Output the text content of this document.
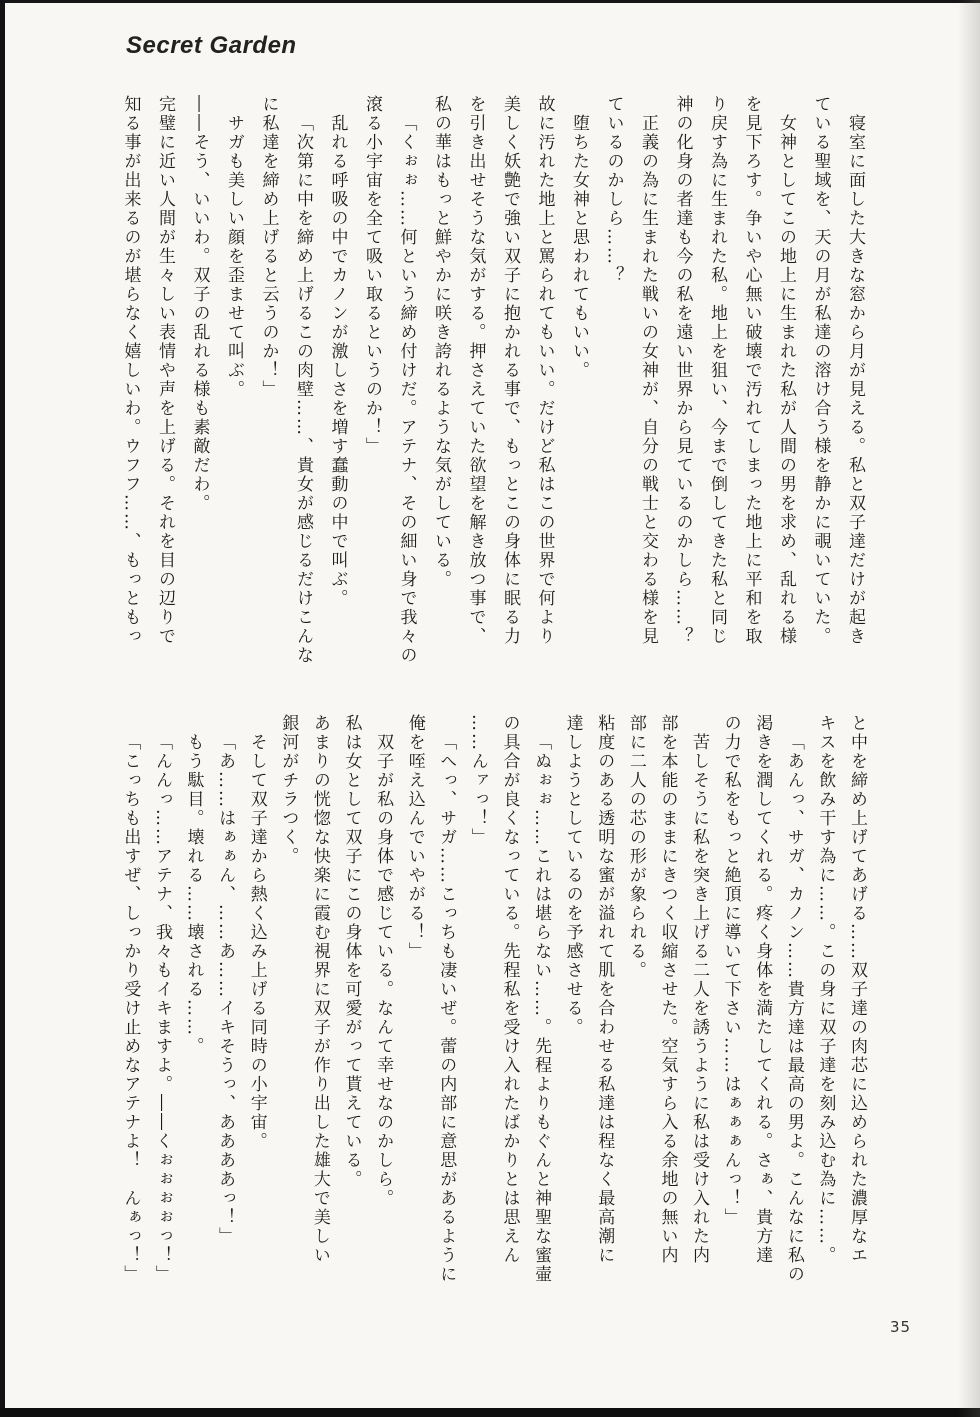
Secret Garden
寝室に面した大きな窓から月が見える。私と双子達だけが起き
ている聖域を、天の月が私達の溶け合う様を静かに覗いていた。
女神としてこの地上に生まれた私が人間の男を求め、乱れる様
を見下ろす。争いや心無い破壊で汚れてしまった地上に平和を取
り戻す為に生まれた私。地上を狙い、今まで倒してきた私と同じ
神の化身の者達も今の私を遠い世界から見ているのかしら……？
正義の為に生まれた戦いの女神が、自分の戦士と交わる様を見
ているのかしら……？
堕ちた女神と思われてもいい。
故に汚れた地上と罵られてもいい。だけど私はこの世界で何より
美しく妖艶で強い双子に抱かれる事で、もっとこの身体に眠る力
を引き出せそうな気がする。押さえていた欲望を解き放つ事で、
私の華はもっと鮮やかに咲き誇れるような気がしている。
「くぉぉ……何という締め付けだ。アテナ、その細い身で我々の
滾る小宇宙を全て吸い取るというのか！」
乱れる呼吸の中でカノンが激しさを増す蠢動の中で叫ぶ。
「次第に中を締め上げるこの肉壁……、貴女が感じるだけこんな
に私達を締め上げると云うのか！」
サガも美しい顔を歪ませて叫ぶ。
――そう、いいわ。双子の乱れる様も素敵だわ。
完璧に近い人間が生々しい表情や声を上げる。それを目の辺りで
知る事が出来るのが堪らなく嬉しいわ。ウフフ……、もっともっ
と中を締め上げてあげる……双子達の肉芯に込められた濃厚なエ
キスを飲み干す為に……。この身に双子達を刻み込む為に……。
「あんっ、サガ、カノン……貴方達は最高の男よ。こんなに私の
渇きを潤してくれる。疼く身体を満たしてくれる。さぁ、貴方達
の力で私をもっと絶頂に導いて下さい……はぁぁぁんっ！」
苦しそうに私を突き上げる二人を誘うように私は受け入れた内
部を本能のままにきつく収縮させた。空気すら入る余地の無い内
部に二人の芯の形が象られる。
粘度のある透明な蜜が溢れて肌を合わせる私達は程なく最高潮に
達しようとしているのを予感させる。
「ぬぉぉ……これは堪らない……。先程よりもぐんと神聖な蜜壷
の具合が良くなっている。先程私を受け入れたばかりとは思えん
……んァっ！」
「へっ、サガ……こっちも凄いぜ。蕾の内部に意思があるように
俺を咥え込んでいやがる！」
双子が私の身体で感じている。なんて幸せなのかしら。
私は女として双子にこの身体を可愛がって貰えている。
あまりの恍惚な快楽に霞む視界に双子が作り出した雄大で美しい
銀河がチラつく。
そして双子達から熱く込み上げる同時の小宇宙。
「あ……はぁぁん、……あ……イキそうっ、ああああっ！」
もう駄目。壊れる……壊される……。
「んんっ……アテナ、我々もイキますよ。――くぉぉぉぉっ！」
「こっちも出すぜ、しっかり受け止めなアテナよ！　んぁっ！」
35
